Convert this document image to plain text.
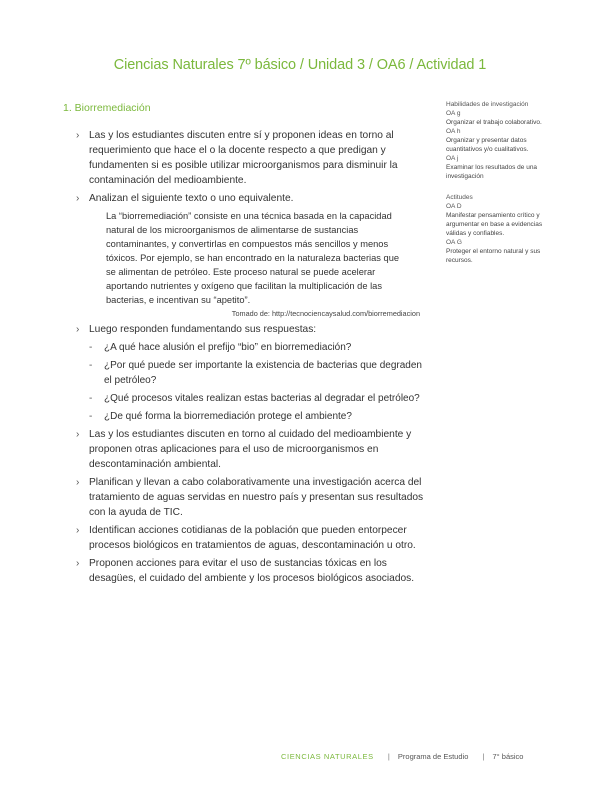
Ciencias Naturales 7º básico / Unidad 3 / OA6 / Actividad 1
1. Biorremediación
› Las y los estudiantes discuten entre sí y proponen ideas en torno al requerimiento que hace el o la docente respecto a que predigan y fundamenten si es posible utilizar microorganismos para disminuir la contaminación del medioambiente.
› Analizan el siguiente texto o uno equivalente.
La “biorremediación” consiste en una técnica basada en la capacidad natural de los microorganismos de alimentarse de sustancias contaminantes, y convertirlas en compuestos más sencillos y menos tóxicos. Por ejemplo, se han encontrado en la naturaleza bacterias que se alimentan de petróleo. Este proceso natural se puede acelerar aportando nutrientes y oxígeno que facilitan la multiplicación de las bacterias, e incentivan su “apetito”.
Tomado de: http://tecnociencaysalud.com/biorremediacion
› Luego responden fundamentando sus respuestas:
- ¿A qué hace alusión el prefijo “bio” en biorremediación?
- ¿Por qué puede ser importante la existencia de bacterias que degraden el petróleo?
- ¿Qué procesos vitales realizan estas bacterias al degradar el petróleo?
- ¿De qué forma la biorremediación protege el ambiente?
› Las y los estudiantes discuten en torno al cuidado del medioambiente y proponen otras aplicaciones para el uso de microorganismos en descontaminación ambiental.
› Planifican y llevan a cabo colaborativamente una investigación acerca del tratamiento de aguas servidas en nuestro país y presentan sus resultados con la ayuda de TIC.
› Identifican acciones cotidianas de la población que pueden entorpecer procesos biológicos en tratamientos de aguas, descontaminación u otro.
› Proponen acciones para evitar el uso de sustancias tóxicas en los desagües, el cuidado del ambiente y los procesos biológicos asociados.
Habilidades de investigación
OA g
Organizar el trabajo colaborativo.
OA h
Organizar y presentar datos cuantitativos y/o cualitativos.
OA j
Examinar los resultados de una investigación
Actitudes
OA D
Manifestar pensamiento crítico y argumentar en base a evidencias válidas y confiables.
OA G
Proteger el entorno natural y sus recursos.
CIENCIAS NATURALES | Programa de Estudio | 7° básico
